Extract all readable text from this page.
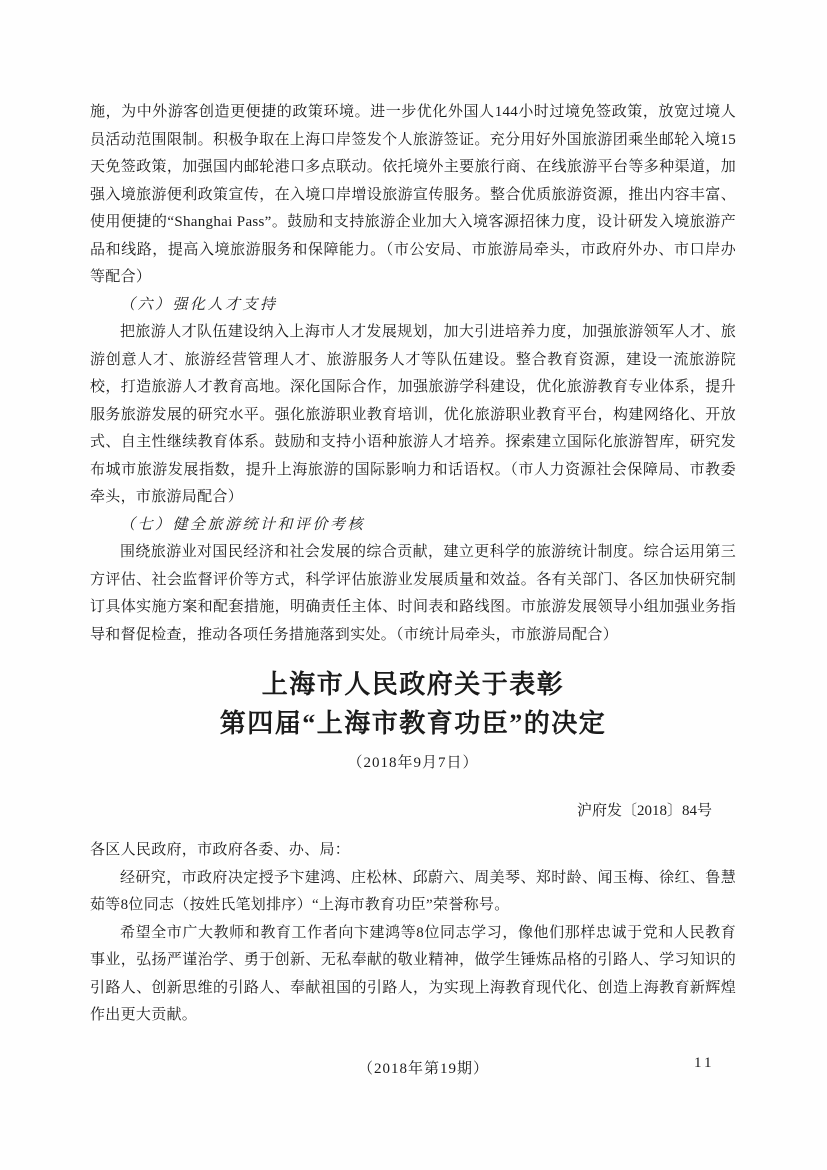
施，为中外游客创造更便捷的政策环境。进一步优化外国人144小时过境免签政策，放宽过境人员活动范围限制。积极争取在上海口岸签发个人旅游签证。充分用好外国旅游团乘坐邮轮入境15天免签政策，加强国内邮轮港口多点联动。依托境外主要旅行商、在线旅游平台等多种渠道，加强入境旅游便利政策宣传，在入境口岸增设旅游宣传服务。整合优质旅游资源，推出内容丰富、使用便捷的“Shanghai Pass”。鼓励和支持旅游企业加大入境客源招徕力度，设计研发入境旅游产品和线路，提高入境旅游服务和保障能力。（市公安局、市旅游局牵头，市政府外办、市口岸办等配合）

（六）强化人才支持

把旅游人才队伍建设纳入上海市人才发展规划，加大引进培养力度，加强旅游领军人才、旅游创意人才、旅游经营管理人才、旅游服务人才等队伍建设。整合教育资源，建设一流旅游院校，打造旅游人才教育高地。深化国际合作，加强旅游学科建设，优化旅游教育专业体系，提升服务旅游发展的研究水平。强化旅游职业教育培训，优化旅游职业教育平台，构建网络化、开放式、自主性继续教育体系。鼓励和支持小语种旅游人才培养。探索建立国际化旅游智库，研究发布城市旅游发展指数，提升上海旅游的国际影响力和话语权。（市人力资源社会保障局、市教委牵头，市旅游局配合）

（七）健全旅游统计和评价考核

围绕旅游业对国民经济和社会发展的综合贡献，建立更科学的旅游统计制度。综合运用第三方评估、社会监督评价等方式，科学评估旅游业发展质量和效益。各有关部门、各区加快研究制订具体实施方案和配套措施，明确责任主体、时间表和路线图。市旅游发展领导小组加强业务指导和督促检查，推动各项任务措施落到实处。（市统计局牵头，市旅游局配合）

上海市人民政府关于表彰
第四届“上海市教育功臣”的决定

（2018年9月7日）

沪府发〔2018〕84号

各区人民政府，市政府各委、办、局：

经研究，市政府决定授予卞建鸿、庄松林、邱蔚六、周美琴、郑时龄、闻玉梅、徐红、鲁慧茹等8位同志（按姓氏笔划排序）“上海市教育功臣”荣誉称号。

希望全市广大教师和教育工作者向卞建鸿等8位同志学习，像他们那样忠诚于党和人民教育事业，弘扬严谨治学、勇于创新、无私奉献的敬业精神，做学生锤炼品格的引路人、学习知识的引路人、创新思维的引路人、奉献祖国的引路人，为实现上海教育现代化、创造上海教育新辉煌作出更大贡献。

（2018年第19期）	11
